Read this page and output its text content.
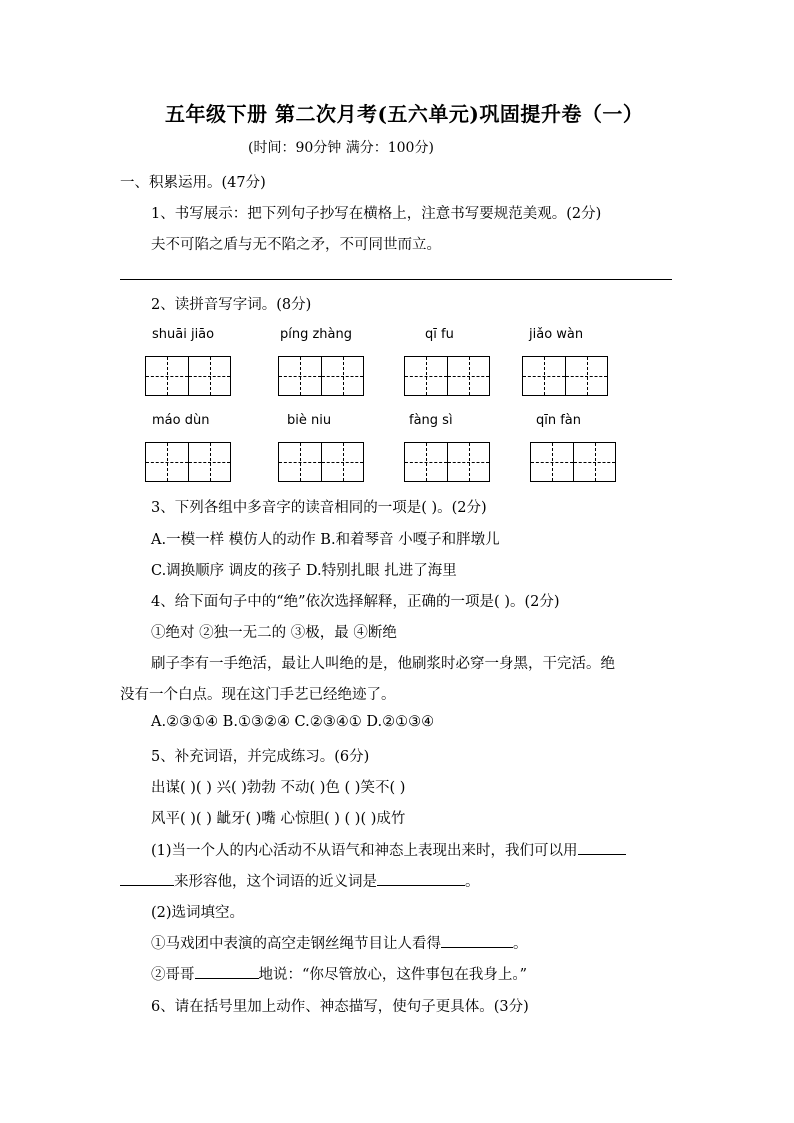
五年级下册 第二次月考(五六单元)巩固提升卷（一）
(时间：90分钟 满分：100分)
一、积累运用。(47分)
1、书写展示：把下列句子抄写在横格上，注意书写要规范美观。(2分)
夫不可陷之盾与无不陷之矛，不可同世而立。
2、读拼音写字词。(8分)
shuāi jiāo	píng zhàng	qī fu	jiǎo wàn
máo dùn	biè niu	fàng sì	qīn fàn
3、下列各组中多音字的读音相同的一项是( )。(2分)
A.一模一样 模仿人的动作 B.和着琴音 小嘎子和胖墩儿
C.调换顺序 调皮的孩子 D.特别扎眼 扎进了海里
4、给下面句子中的“绝”依次选择解释，正确的一项是( )。(2分)
①绝对 ②独一无二的 ③极，最 ④断绝
刷子李有一手绝活，最让人叫绝的是，他刷浆时必穿一身黑，干完活。绝
没有一个白点。现在这门手艺已经绝迹了。
A.②③①④ B.①③②④ C.②③④① D.②①③④
5、补充词语，并完成练习。(6分)
出谋( )( ) 兴( )勃勃 不动( )色 ( )笑不( )
风平( )( ) 龇牙( )嘴 心惊胆( ) ( )( )成竹
(1)当一个人的内心活动不从语气和神态上表现出来时，我们可以用
来形容他，这个词语的近义词是	。
(2)选词填空。
①马戏团中表演的高空走钢丝绳节目让人看得	。
②哥哥	地说：“你尽管放心，这件事包在我身上。”
6、请在括号里加上动作、神态描写，使句子更具体。(3分)
